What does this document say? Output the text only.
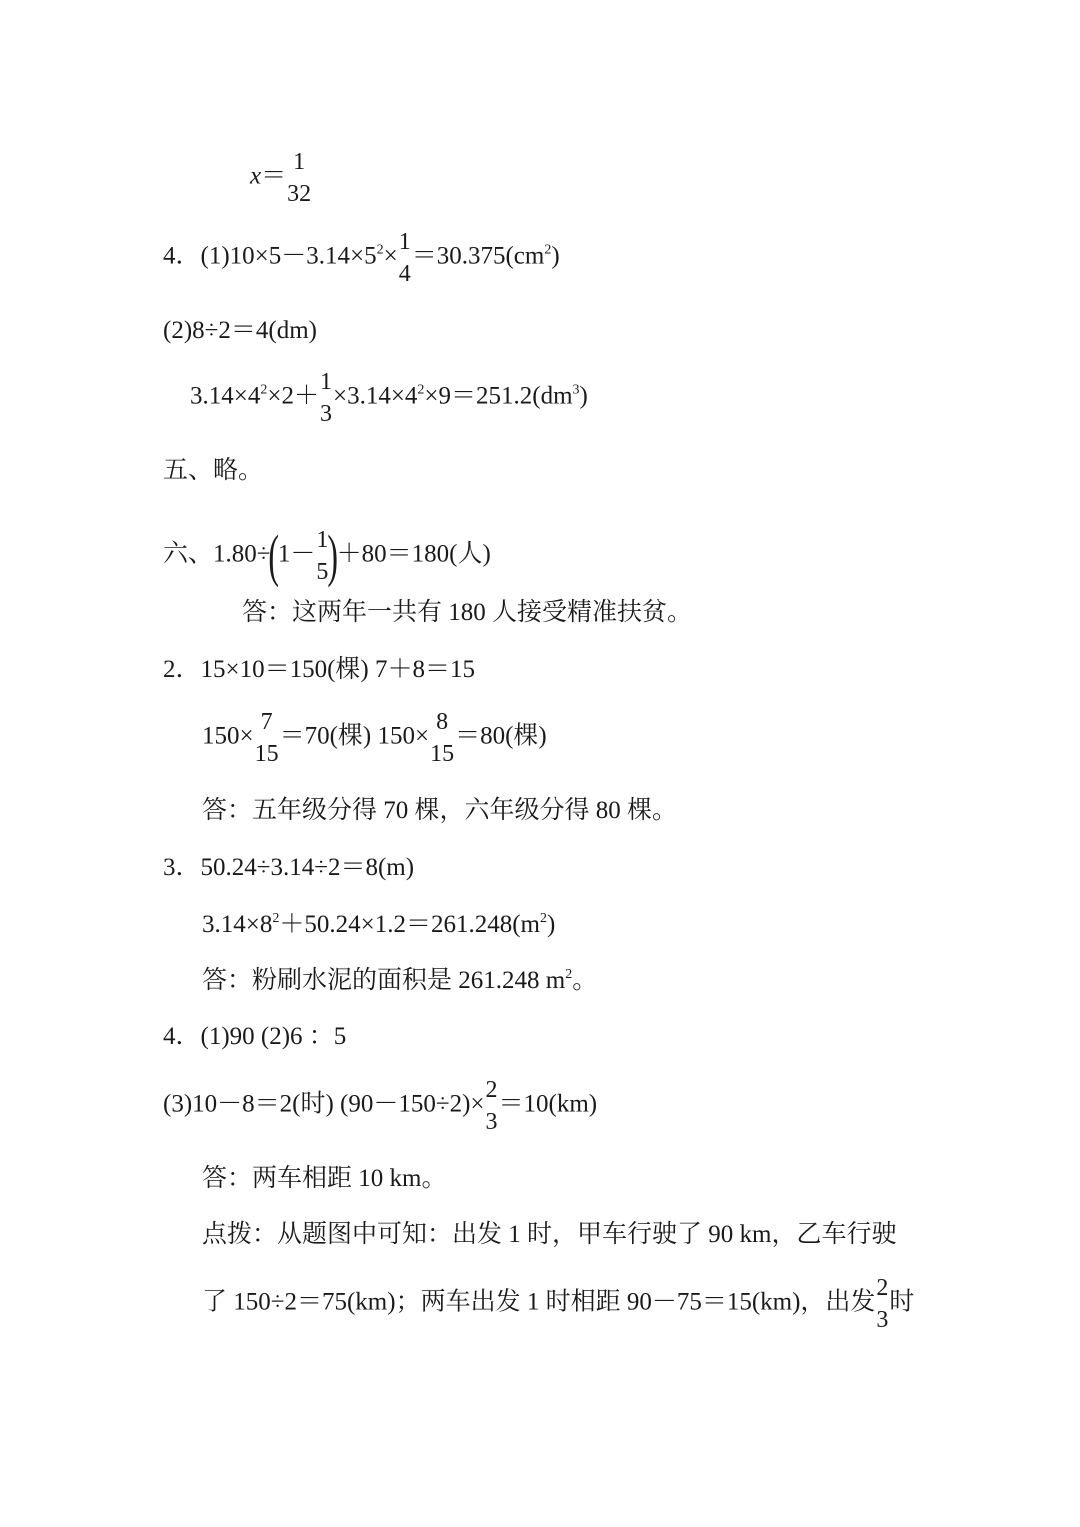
x＝
1
32
4．$(1)10\times 5-3.14\times 5^2\times$
1
4
$=30.375(cm^2)$
(2)8÷2＝4(dm)
$3.14\times 4^2\times 2+$
1
3
$\times 3.14\times 4^2\times 9=251.2(dm^3)$
五、略。
六、1.80÷(1－
1
5 )＋80＝180(人)
答：这两年一共有 180 人接受精准扶贫。
2．15×10＝150(棵) 7＋8＝15
150×
7
15
＝70(棵) 150×
8
15
＝80(棵)
答：五年级分得 70 棵，六年级分得 80 棵。
3．50.24÷3.14÷2＝8(m)
$3.14\times 8^2+50.24\times 1.2=261.248(m^2)$
答：粉刷水泥的面积是 261.248 $m^2$。
4．(1)90 (2)6 ：5
(3)10－8＝2(时) (90－150÷2)×
2
3
＝10(km)
答：两车相距 10 km。
点拨：从题图中可知：出发 1 时，甲车行驶了 90 km，乙车行驶
了 150÷2＝75(km)；两车出发 1 时相距 90－75＝15(km)，出发
2
3
时
